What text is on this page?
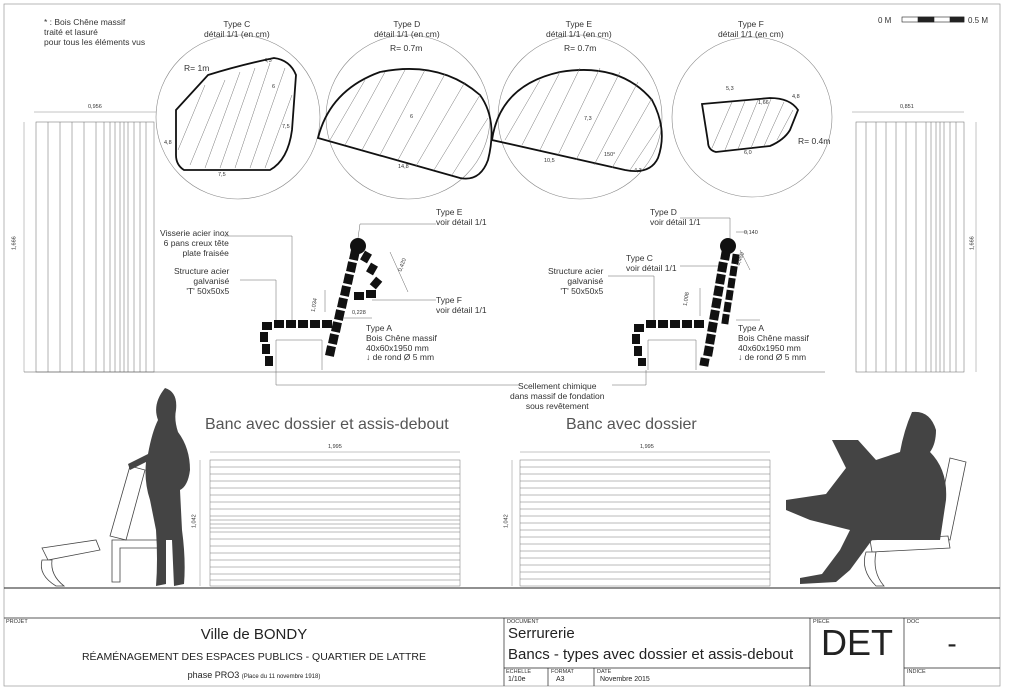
* : Bois Chêne massif
traité et lasuré
pour tous les éléments vus
0 M	0.5 M
Type C
détail 1/1 (en cm)
Type D
détail 1/1 (en cm)
Type E
détail 1/1 (en cm)
Type F
détail 1/1 (en cm)
R= 1m
R= 0.7m	R= 0.7m
R= 0.4m
4,5
6
7,5
7,5
4,8
14,8
6
10,5
4,3
7,3
150°
5,3
4,8
6,0
1,66
0,956
1,666
0,851
1,666
Type E
voir détail 1/1
Visserie acier inox
6 pans creux tête
plate fraisée
Structure acier
galvanisé
'T' 50x50x5
Type F
voir détail 1/1
Type A
Bois Chêne massif
40x60x1950 mm
↓ de rond Ø 5 mm
0,420
1,034
0,228
Type D
voir détail 1/1
Type C
voir détail 1/1
Structure acier
galvanisé
'T' 50x50x5
Type A
Bois Chêne massif
40x60x1950 mm
↓ de rond Ø 5 mm
0,140
0,450
1,008
Scellement chimique
dans massif de fondation
sous revêtement
Banc avec dossier et assis-debout	Banc avec dossier
1,995
1,042
1,995
1,042
PROJET
Ville de BONDY
RÉAMÉNAGEMENT DES ESPACES PUBLICS - QUARTIER DE LATTRE
phase PRO3 (Place du 11 novembre 1918)
DOCUMENT
Serrurerie
Bancs - types avec dossier et assis-debout
ECHELLE
1/10e
FORMAT
A3
DATE
Novembre 2015
PIECE
DET	DOC
-
INDICE
